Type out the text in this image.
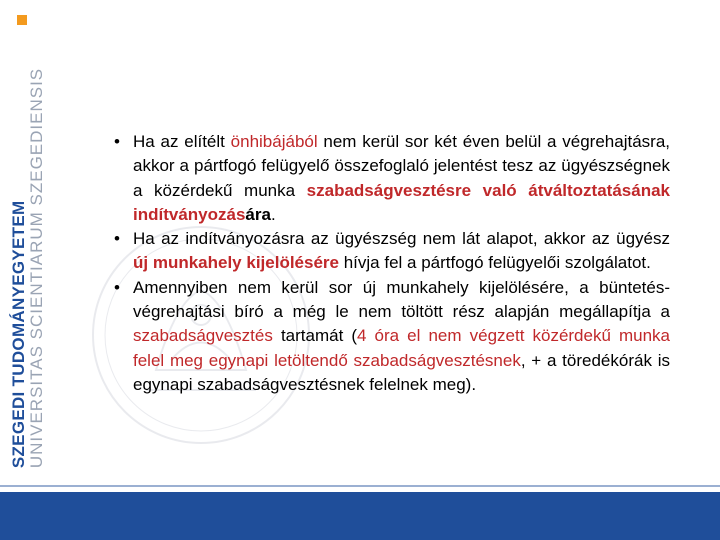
SZEGEDI TUDOMÁNYEGYETEM UNIVERSITAS SCIENTIARUM SZEGEDIENSIS	• Ha az elítélt önhibájából nem kerül sor két éven belül a végrehajtásra, akkor a pártfogó felügyelő összefoglaló jelentést tesz az ügyészségnek a közérdekű munka szabadságvesztésre való átváltoztatásának indítványozására.
• Ha az indítványozásra az ügyészség nem lát alapot, akkor az ügyész új munkahely kijelölésére hívja fel a pártfogó felügyelői szolgálatot.
• Amennyiben nem kerül sor új munkahely kijelölésére, a büntetés-végrehajtási bíró a még le nem töltött rész alapján megállapítja a szabadságvesztés tartamát (4 óra el nem végzett közérdekű munka felel meg egynapi letöltendő szabadságvesztésnek, + a töredékórák is egynapi szabadságvesztésnek felelnek meg).
